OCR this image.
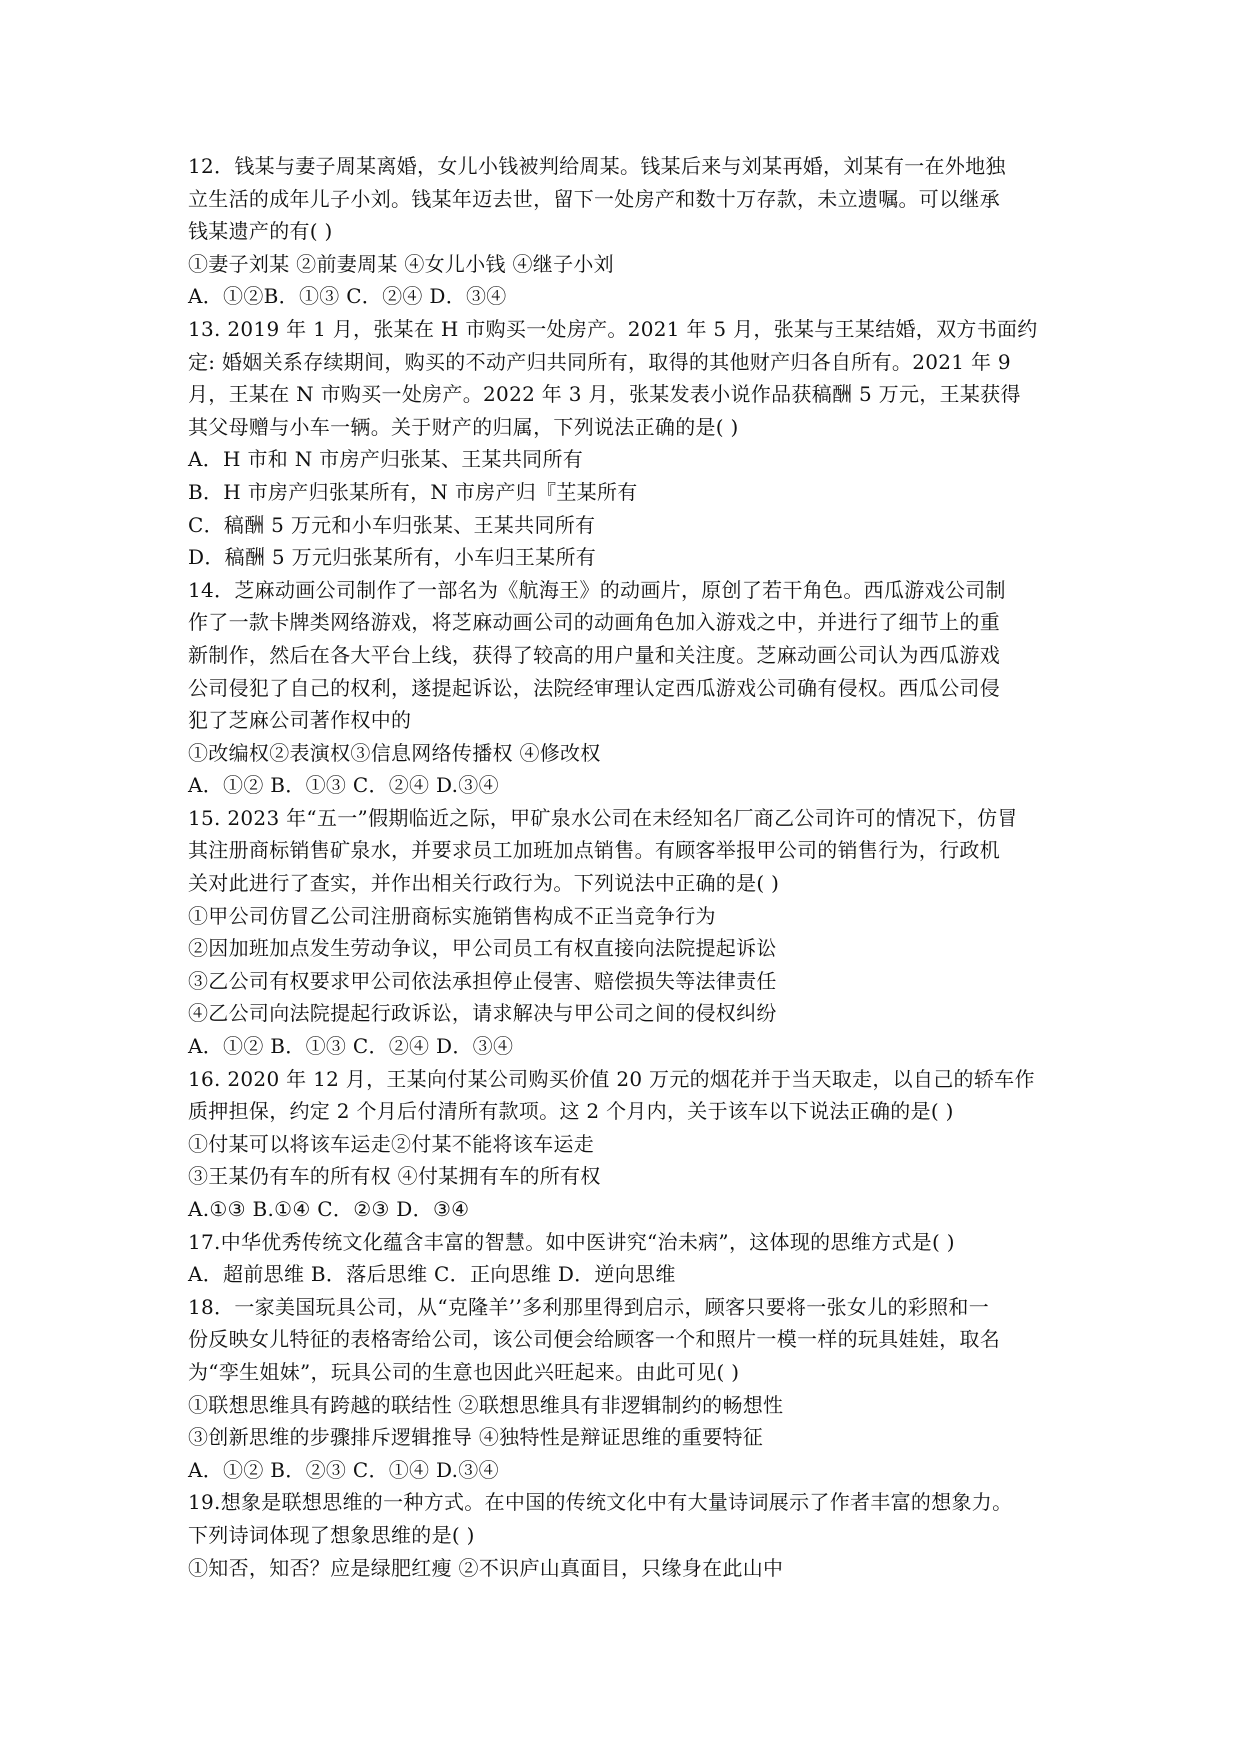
12．钱某与妻子周某离婚，女儿小钱被判给周某。钱某后来与刘某再婚，刘某有一在外地独
立生活的成年儿子小刘。钱某年迈去世，留下一处房产和数十万存款，未立遗嘱。可以继承
钱某遗产的有( )
①妻子刘某 ②前妻周某 ④女儿小钱 ④继子小刘
A．①②B．①③ C．②④ D．③④
13. 2019 年 1 月，张某在 H 市购买一处房产。2021 年 5 月，张某与王某结婚，双方书面约
定: 婚姻关系存续期间，购买的不动产归共同所有，取得的其他财产归各自所有。2021 年 9
月，王某在 N 市购买一处房产。2022 年 3 月，张某发表小说作品获稿酬 5 万元，王某获得
其父母赠与小车一辆。关于财产的归属，下列说法正确的是( )
A．H 市和 N 市房产归张某、王某共同所有
B．H 市房产归张某所有，N 市房产归『芏某所有
C．稿酬 5 万元和小车归张某、王某共同所有
D．稿酬 5 万元归张某所有，小车归王某所有
14．芝麻动画公司制作了一部名为《航海王》的动画片，原创了若干角色。西瓜游戏公司制
作了一款卡牌类网络游戏，将芝麻动画公司的动画角色加入游戏之中，并进行了细节上的重
新制作，然后在各大平台上线，获得了较高的用户量和关注度。芝麻动画公司认为西瓜游戏
公司侵犯了自己的权利，遂提起诉讼，法院经审理认定西瓜游戏公司确有侵权。西瓜公司侵
犯了芝麻公司著作权中的
①改编权②表演权③信息网络传播权 ④修改权
A．①② B．①③ C．②④ D.③④
15. 2023 年“五一”假期临近之际，甲矿泉水公司在未经知名厂商乙公司许可的情况下，仿冒
其注册商标销售矿泉水，并要求员工加班加点销售。有顾客举报甲公司的销售行为，行政机
关对此进行了查实，并作出相关行政行为。下列说法中正确的是( )
①甲公司仿冒乙公司注册商标实施销售构成不正当竞争行为
②因加班加点发生劳动争议，甲公司员工有权直接向法院提起诉讼
③乙公司有权要求甲公司依法承担停止侵害、赔偿损失等法律责任
④乙公司向法院提起行政诉讼，请求解决与甲公司之间的侵权纠纷
A．①② B．①③ C．②④ D．③④
16. 2020 年 12 月，王某向付某公司购买价值 20 万元的烟花并于当天取走，以自己的轿车作
质押担保，约定 2 个月后付清所有款项。这 2 个月内，关于该车以下说法正确的是( )
①付某可以将该车运走②付某不能将该车运走
③王某仍有车的所有权 ④付某拥有车的所有权
A.①③ B.①④ C．②③ D．③④
17.中华优秀传统文化蕴含丰富的智慧。如中医讲究“治未病”，这体现的思维方式是( )
A．超前思维 B．落后思维 C．正向思维 D．逆向思维
18．一家美国玩具公司，从“克隆羊’’多利那里得到启示，顾客只要将一张女儿的彩照和一
份反映女儿特征的表格寄给公司，该公司便会给顾客一个和照片一模一样的玩具娃娃，取名
为“孪生姐妹”，玩具公司的生意也因此兴旺起来。由此可见( )
①联想思维具有跨越的联结性 ②联想思维具有非逻辑制约的畅想性
③创新思维的步骤排斥逻辑推导 ④独特性是辩证思维的重要特征
A．①② B．②③ C．①④ D.③④
19.想象是联想思维的一种方式。在中国的传统文化中有大量诗词展示了作者丰富的想象力。
下列诗词体现了想象思维的是( )
①知否，知否？应是绿肥红瘦 ②不识庐山真面目，只缘身在此山中
